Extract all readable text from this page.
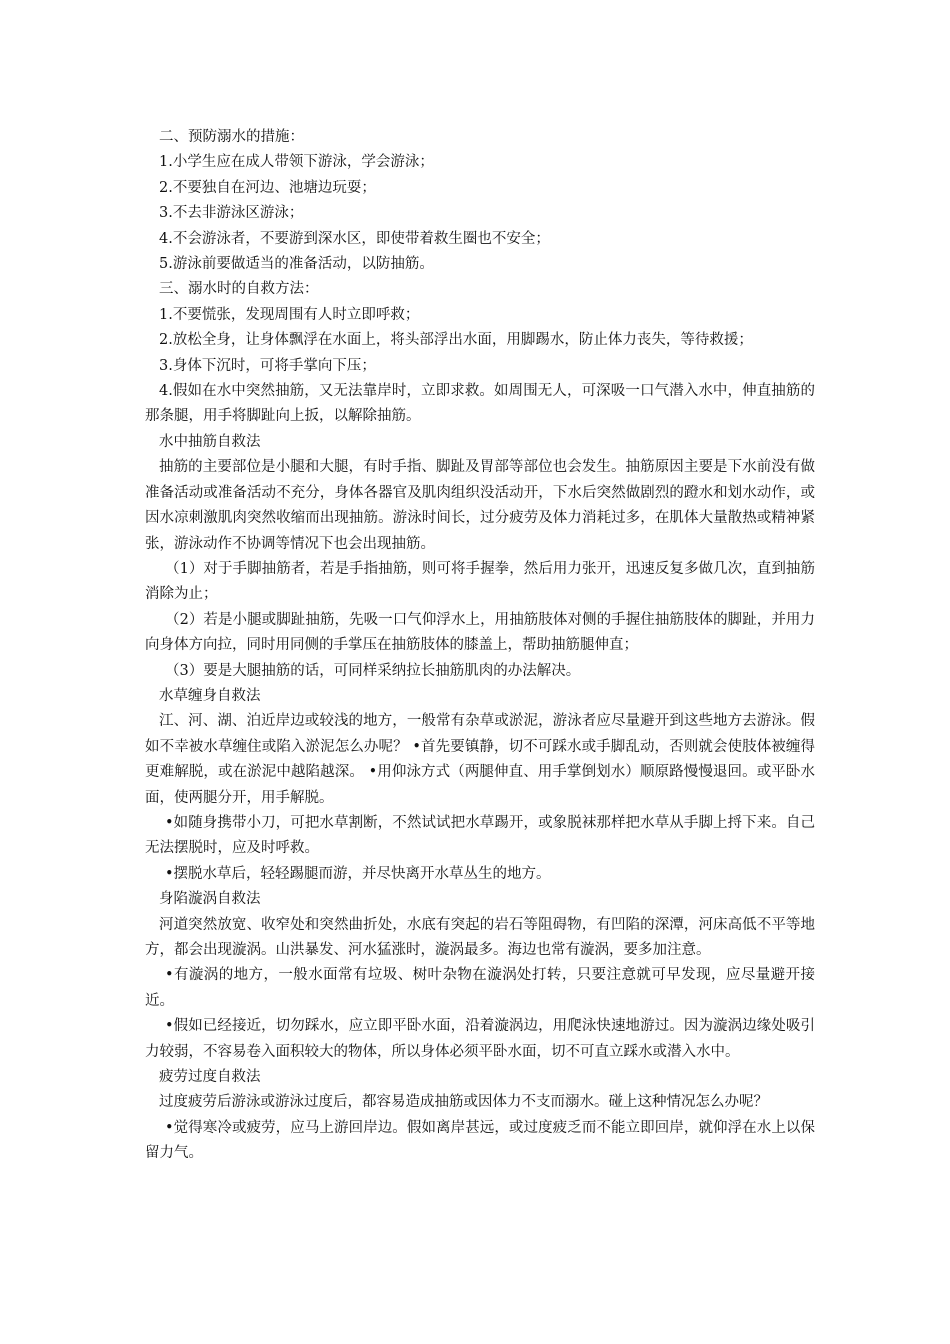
二、预防溺水的措施：

1.小学生应在成人带领下游泳，学会游泳；

2.不要独自在河边、池塘边玩耍；

3.不去非游泳区游泳；

4.不会游泳者，不要游到深水区，即使带着救生圈也不安全；

5.游泳前要做适当的准备活动，以防抽筋。

三、溺水时的自救方法：

1.不要慌张，发现周围有人时立即呼救；

2.放松全身，让身体飘浮在水面上，将头部浮出水面，用脚踢水，防止体力丧失，等待救援；

3.身体下沉时，可将手掌向下压；

4.假如在水中突然抽筋，又无法靠岸时，立即求救。如周围无人，可深吸一口气潜入水中，伸直抽筋的那条腿，用手将脚趾向上扳，以解除抽筋。

水中抽筋自救法

抽筋的主要部位是小腿和大腿，有时手指、脚趾及胃部等部位也会发生。抽筋原因主要是下水前没有做准备活动或准备活动不充分，身体各器官及肌肉组织没活动开，下水后突然做剧烈的蹬水和划水动作，或因水凉刺激肌肉突然收缩而出现抽筋。游泳时间长，过分疲劳及体力消耗过多，在肌体大量散热或精神紧张，游泳动作不协调等情况下也会出现抽筋。

（1）对于手脚抽筋者，若是手指抽筋，则可将手握拳，然后用力张开，迅速反复多做几次，直到抽筋消除为止；

（2）若是小腿或脚趾抽筋，先吸一口气仰浮水上，用抽筋肢体对侧的手握住抽筋肢体的脚趾，并用力向身体方向拉，同时用同侧的手掌压在抽筋肢体的膝盖上，帮助抽筋腿伸直；

（3）要是大腿抽筋的话，可同样采纳拉长抽筋肌肉的办法解决。

水草缠身自救法

江、河、湖、泊近岸边或较浅的地方，一般常有杂草或淤泥，游泳者应尽量避开到这些地方去游泳。假如不幸被水草缠住或陷入淤泥怎么办呢？ •首先要镇静，切不可踩水或手脚乱动，否则就会使肢体被缠得更难解脱，或在淤泥中越陷越深。 •用仰泳方式（两腿伸直、用手掌倒划水）顺原路慢慢退回。或平卧水面，使两腿分开，用手解脱。

•如随身携带小刀，可把水草割断，不然试试把水草踢开，或象脱袜那样把水草从手脚上捋下来。自己无法摆脱时，应及时呼救。

•摆脱水草后，轻轻踢腿而游，并尽快离开水草丛生的地方。

身陷漩涡自救法

河道突然放宽、收窄处和突然曲折处，水底有突起的岩石等阻碍物，有凹陷的深潭，河床高低不平等地方，都会出现漩涡。山洪暴发、河水猛涨时，漩涡最多。海边也常有漩涡，要多加注意。

•有漩涡的地方，一般水面常有垃圾、树叶杂物在漩涡处打转，只要注意就可早发现，应尽量避开接近。

•假如已经接近，切勿踩水，应立即平卧水面，沿着漩涡边，用爬泳快速地游过。因为漩涡边缘处吸引力较弱，不容易卷入面积较大的物体，所以身体必须平卧水面，切不可直立踩水或潜入水中。

疲劳过度自救法

过度疲劳后游泳或游泳过度后，都容易造成抽筋或因体力不支而溺水。碰上这种情况怎么办呢？

•觉得寒冷或疲劳，应马上游回岸边。假如离岸甚远，或过度疲乏而不能立即回岸，就仰浮在水上以保留力气。
